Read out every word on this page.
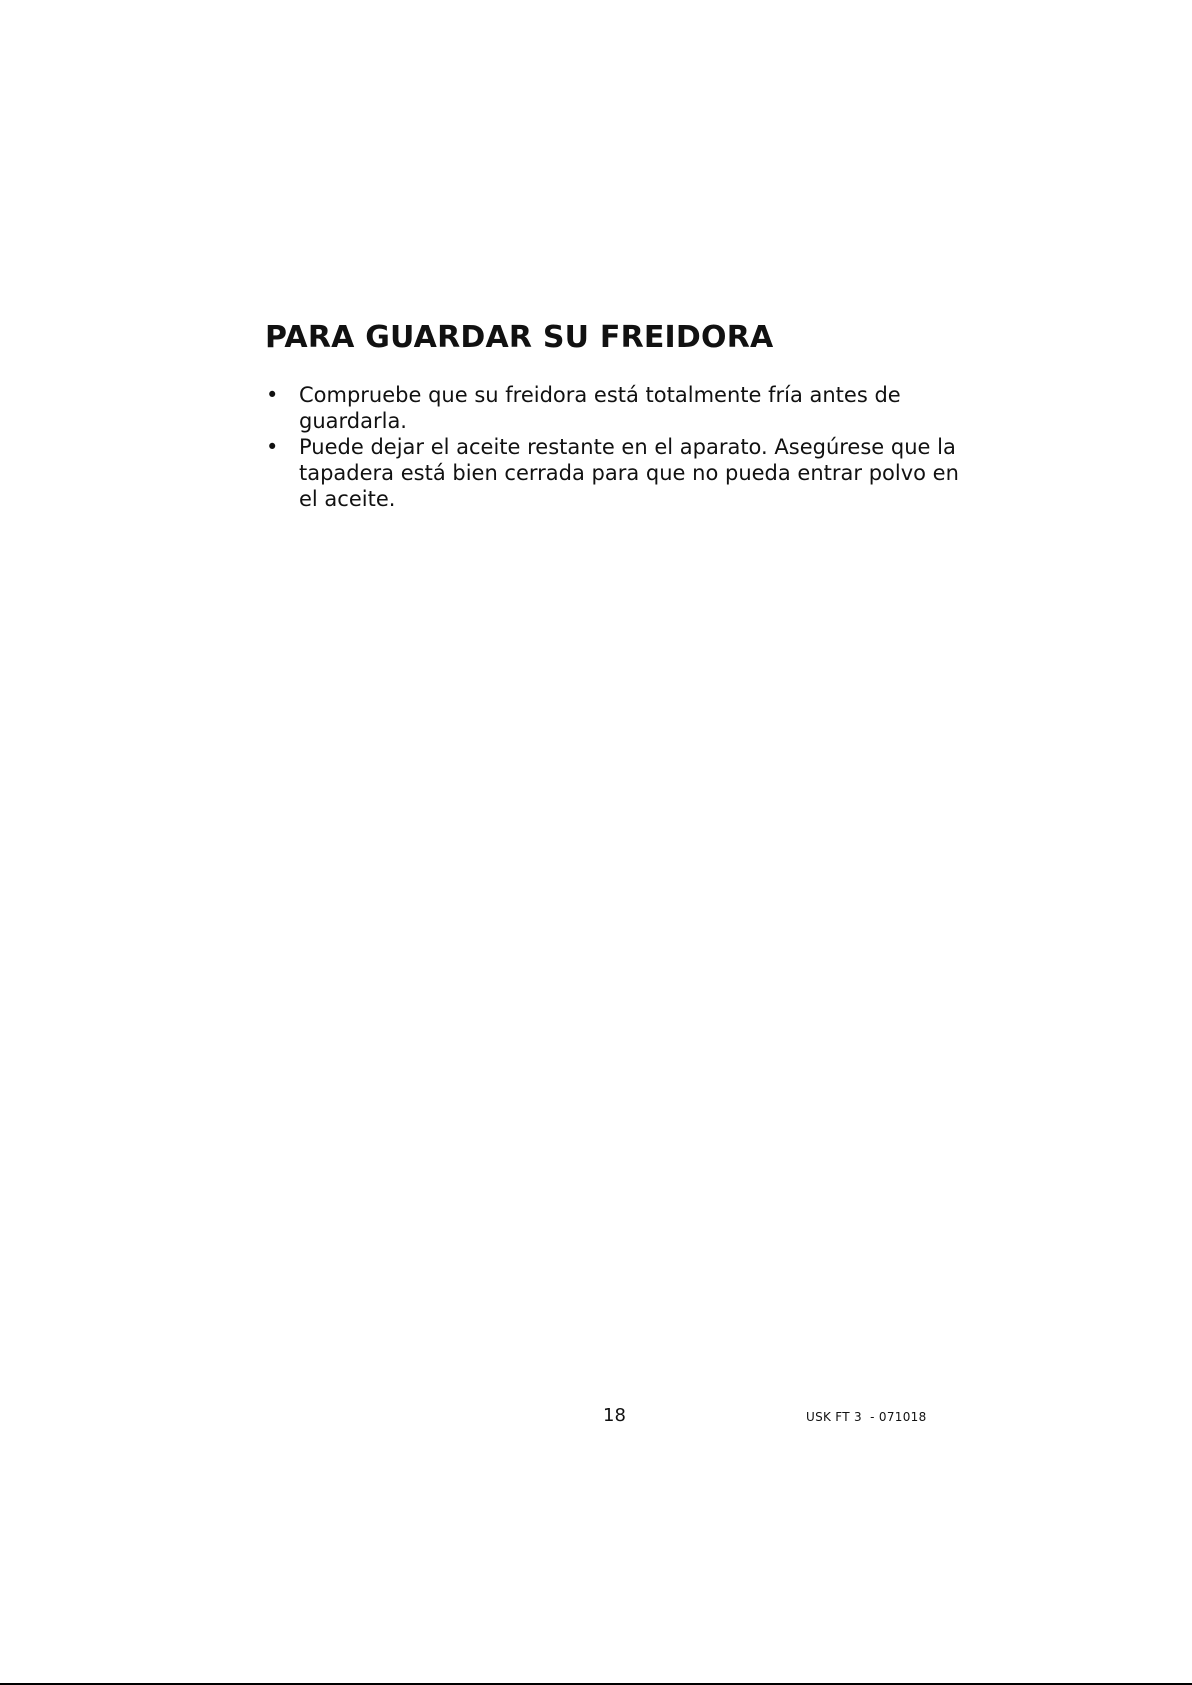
PARA GUARDAR SU FREIDORA
• Compruebe que su freidora está totalmente fría antes de guardarla.
• Puede dejar el aceite restante en el aparato. Asegúrese que la tapadera está bien cerrada para que no pueda entrar polvo en el aceite.
18	USK FT 3  - 071018
